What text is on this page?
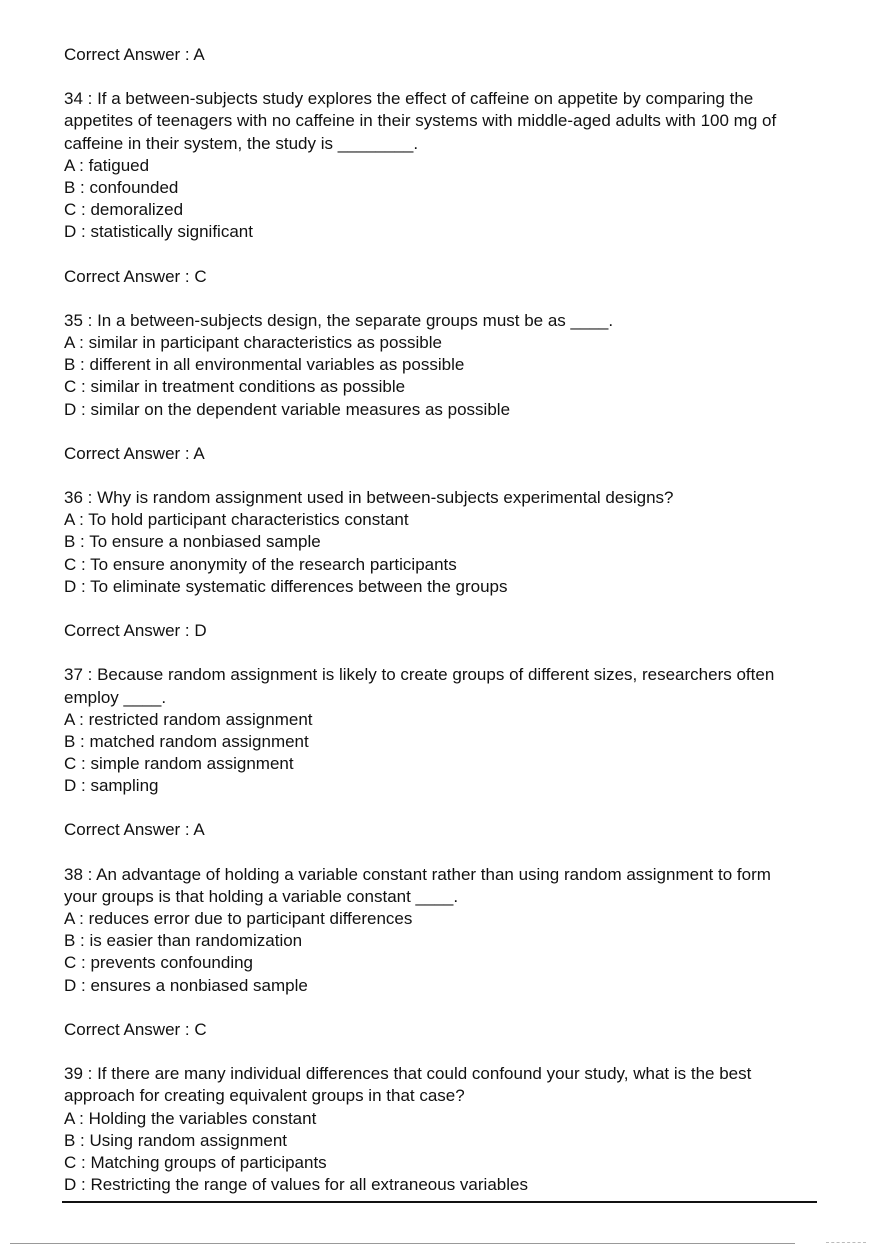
Correct Answer : A
34 : If a between-subjects study explores the effect of caffeine on appetite by comparing the
appetites of teenagers with no caffeine in their systems with middle-aged adults with 100 mg of
caffeine in their system, the study is ________.
A : fatigued
B : confounded
C : demoralized
D : statistically significant
Correct Answer : C
35 : In a between-subjects design, the separate groups must be as ____.
A : similar in participant characteristics as possible
B : different in all environmental variables as possible
C : similar in treatment conditions as possible
D : similar on the dependent variable measures as possible
Correct Answer : A
36 : Why is random assignment used in between-subjects experimental designs?
A : To hold participant characteristics constant
B : To ensure a nonbiased sample
C : To ensure anonymity of the research participants
D : To eliminate systematic differences between the groups
Correct Answer : D
37 : Because random assignment is likely to create groups of different sizes, researchers often
employ ____.
A : restricted random assignment
B : matched random assignment
C : simple random assignment
D : sampling
Correct Answer : A
38 : An advantage of holding a variable constant rather than using random assignment to form
your groups is that holding a variable constant ____.
A : reduces error due to participant differences
B : is easier than randomization
C : prevents confounding
D : ensures a nonbiased sample
Correct Answer : C
39 : If there are many individual differences that could confound your study, what is the best
approach for creating equivalent groups in that case?
A : Holding the variables constant
B : Using random assignment
C : Matching groups of participants
D : Restricting the range of values for all extraneous variables
